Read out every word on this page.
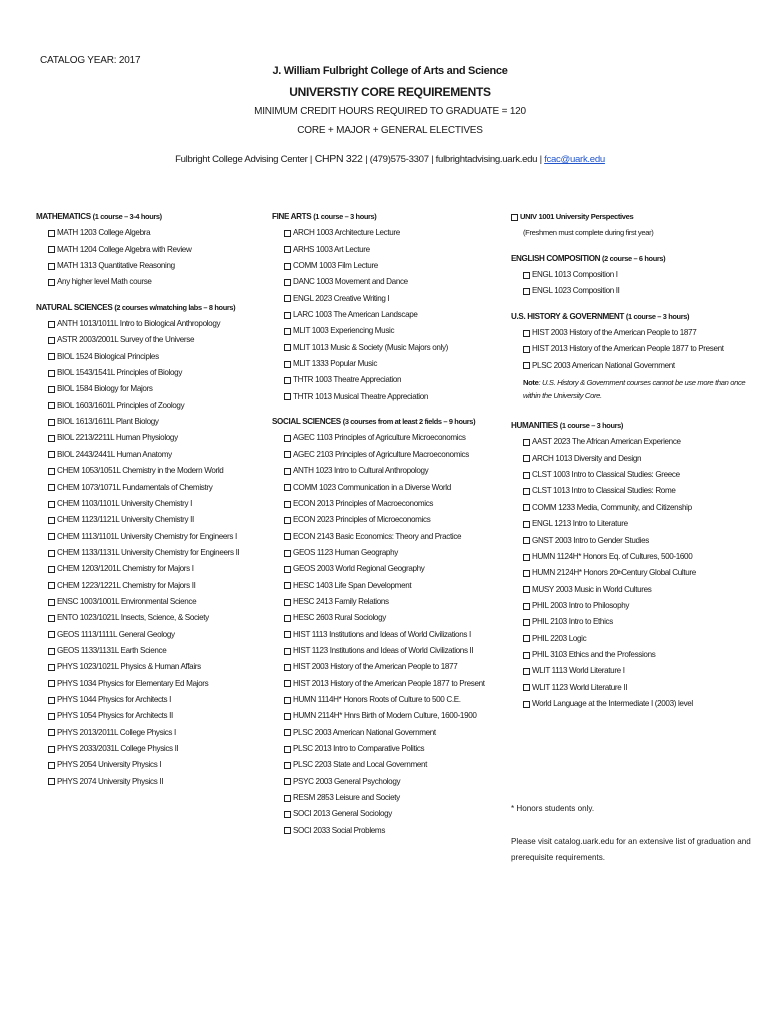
CATALOG YEAR: 2017
J. William Fulbright College of Arts and Science
UNIVERSTIY CORE REQUIREMENTS
MINIMUM CREDIT HOURS REQUIRED TO GRADUATE = 120
CORE + MAJOR + GENERAL ELECTIVES
Fulbright College Advising Center | CHPN 322 | (479)575-3307 | fulbrightadvising.uark.edu | fcac@uark.edu
MATHEMATICS (1 course – 3-4 hours)
MATH 1203 College Algebra
MATH 1204 College Algebra with Review
MATH 1313 Quantitative Reasoning
Any higher level Math course
NATURAL SCIENCES (2 courses w/matching labs – 8 hours)
ANTH 1013/1011L Intro to Biological Anthropology
ASTR 2003/2001L Survey of the Universe
BIOL 1524 Biological Principles
BIOL 1543/1541L Principles of Biology
BIOL 1584 Biology for Majors
BIOL 1603/1601L Principles of Zoology
BIOL 1613/1611L Plant Biology
BIOL 2213/2211L Human Physiology
BIOL 2443/2441L Human Anatomy
CHEM 1053/1051L Chemistry in the Modern World
CHEM 1073/1071L Fundamentals of Chemistry
CHEM 1103/1101L University Chemistry I
CHEM 1123/1121L University Chemistry II
CHEM 1113/1101L University Chemistry for Engineers I
CHEM 1133/1131L University Chemistry for Engineers II
CHEM 1203/1201L Chemistry for Majors I
CHEM 1223/1221L Chemistry for Majors II
ENSC 1003/1001L Environmental Science
ENTO 1023/1021L Insects, Science, & Society
GEOS 1113/1111L General Geology
GEOS 1133/1131L Earth Science
PHYS 1023/1021L Physics & Human Affairs
PHYS 1034 Physics for Elementary Ed Majors
PHYS 1044 Physics for Architects I
PHYS 1054 Physics for Architects II
PHYS 2013/2011L College Physics I
PHYS 2033/2031L College Physics II
PHYS 2054 University Physics I
PHYS 2074 University Physics II
FINE ARTS (1 course – 3 hours)
ARCH 1003 Architecture Lecture
ARHS 1003 Art Lecture
COMM 1003 Film Lecture
DANC 1003 Movement and Dance
ENGL 2023 Creative Writing I
LARC 1003 The American Landscape
MLIT 1003 Experiencing Music
MLIT 1013 Music & Society (Music Majors only)
MLIT 1333 Popular Music
THTR 1003 Theatre Appreciation
THTR 1013 Musical Theatre Appreciation
SOCIAL SCIENCES (3 courses from at least 2 fields – 9 hours)
AGEC 1103 Principles of Agriculture Microeconomics
AGEC 2103 Principles of Agriculture Macroeconomics
ANTH 1023 Intro to Cultural Anthropology
COMM 1023 Communication in a Diverse World
ECON 2013 Principles of Macroeconomics
ECON 2023 Principles of Microeconomics
ECON 2143 Basic Economics: Theory and Practice
GEOS 1123 Human Geography
GEOS 2003 World Regional Geography
HESC 1403 Life Span Development
HESC 2413 Family Relations
HESC 2603 Rural Sociology
HIST 1113 Institutions and Ideas of World Civilizations I
HIST 1123 Institutions and Ideas of World Civilizations II
HIST 2003 History of the American People to 1877
HIST 2013 History of the American People 1877 to Present
HUMN 1114H* Honors Roots of Culture to 500 C.E.
HUMN 2114H* Hnrs Birth of Modern Culture, 1600-1900
PLSC 2003 American National Government
PLSC 2013 Intro to Comparative Politics
PLSC 2203 State and Local Government
PSYC 2003 General Psychology
RESM 2853 Leisure and Society
SOCI 2013 General Sociology
SOCI 2033 Social Problems
UNIV 1001 University Perspectives
(Freshmen must complete during first year)
ENGLISH COMPOSITION (2 course – 6 hours)
ENGL 1013 Composition I
ENGL 1023 Composition II
U.S. HISTORY & GOVERNMENT (1 course – 3 hours)
HIST 2003 History of the American People to 1877
HIST 2013 History of the American People 1877 to Present
PLSC 2003 American National Government
Note: U.S. History & Government courses cannot be use more than once within the University Core.
HUMANITIES (1 course – 3 hours)
AAST 2023 The African American Experience
ARCH 1013 Diversity and Design
CLST 1003 Intro to Classical Studies: Greece
CLST 1013 Intro to Classical Studies: Rome
COMM 1233 Media, Community, and Citizenship
ENGL 1213 Intro to Literature
GNST 2003 Intro to Gender Studies
HUMN 1124H* Honors Eq. of Cultures, 500-1600
HUMN 2124H* Honors 20 th Century Global Culture
MUSY 2003 Music in World Cultures
PHIL 2003 Intro to Philosophy
PHIL 2103 Intro to Ethics
PHIL 2203 Logic
PHIL 3103 Ethics and the Professions
WLIT 1113 World Literature I
WLIT 1123 World Literature II
World Language at the Intermediate I (2003) level
* Honors students only.
Please visit catalog.uark.edu for an extensive list of graduation and
prerequisite requirements.
